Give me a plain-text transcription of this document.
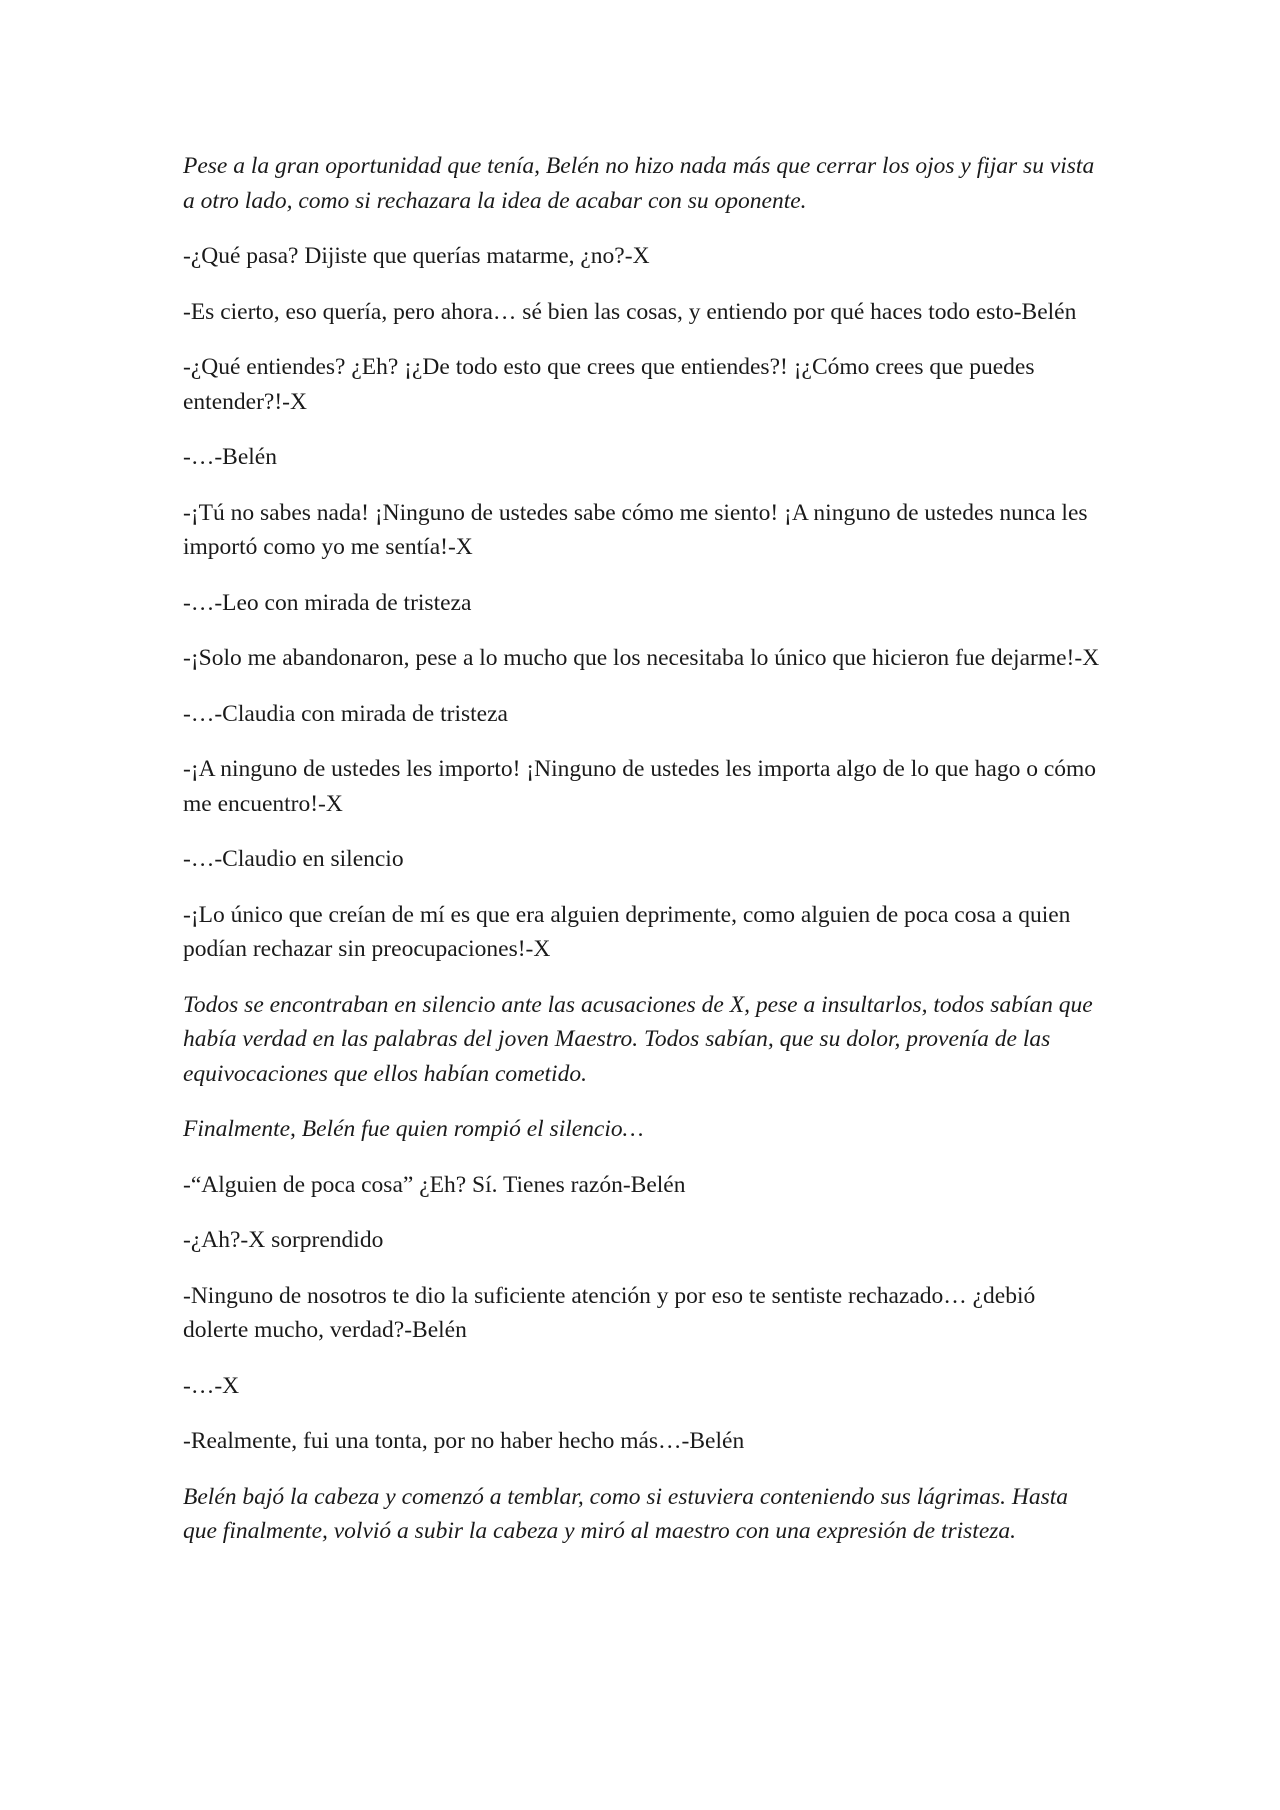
Pese a la gran oportunidad que tenía, Belén no hizo nada más que cerrar los ojos y fijar su vista a otro lado, como si rechazara la idea de acabar con su oponente.

-¿Qué pasa? Dijiste que querías matarme, ¿no?-X

-Es cierto, eso quería, pero ahora… sé bien las cosas, y entiendo por qué haces todo esto-Belén

-¿Qué entiendes? ¿Eh? ¡¿De todo esto que crees que entiendes?! ¡¿Cómo crees que puedes entender?!-X

-…-Belén

-¡Tú no sabes nada! ¡Ninguno de ustedes sabe cómo me siento! ¡A ninguno de ustedes nunca les importó como yo me sentía!-X

-…-Leo con mirada de tristeza

-¡Solo me abandonaron, pese a lo mucho que los necesitaba lo único que hicieron fue dejarme!-X

-…-Claudia con mirada de tristeza

-¡A ninguno de ustedes les importo! ¡Ninguno de ustedes les importa algo de lo que hago o cómo me encuentro!-X

-…-Claudio en silencio

-¡Lo único que creían de mí es que era alguien deprimente, como alguien de poca cosa a quien podían rechazar sin preocupaciones!-X

Todos se encontraban en silencio ante las acusaciones de X, pese a insultarlos, todos sabían que había verdad en las palabras del joven Maestro. Todos sabían, que su dolor, provenía de las equivocaciones que ellos habían cometido.

Finalmente, Belén fue quien rompió el silencio…

-“Alguien de poca cosa” ¿Eh? Sí. Tienes razón-Belén

-¿Ah?-X sorprendido

-Ninguno de nosotros te dio la suficiente atención y por eso te sentiste rechazado… ¿debió dolerte mucho, verdad?-Belén

-…-X

-Realmente, fui una tonta, por no haber hecho más…-Belén

Belén bajó la cabeza y comenzó a temblar, como si estuviera conteniendo sus lágrimas. Hasta que finalmente, volvió a subir la cabeza y miró al maestro con una expresión de tristeza.
